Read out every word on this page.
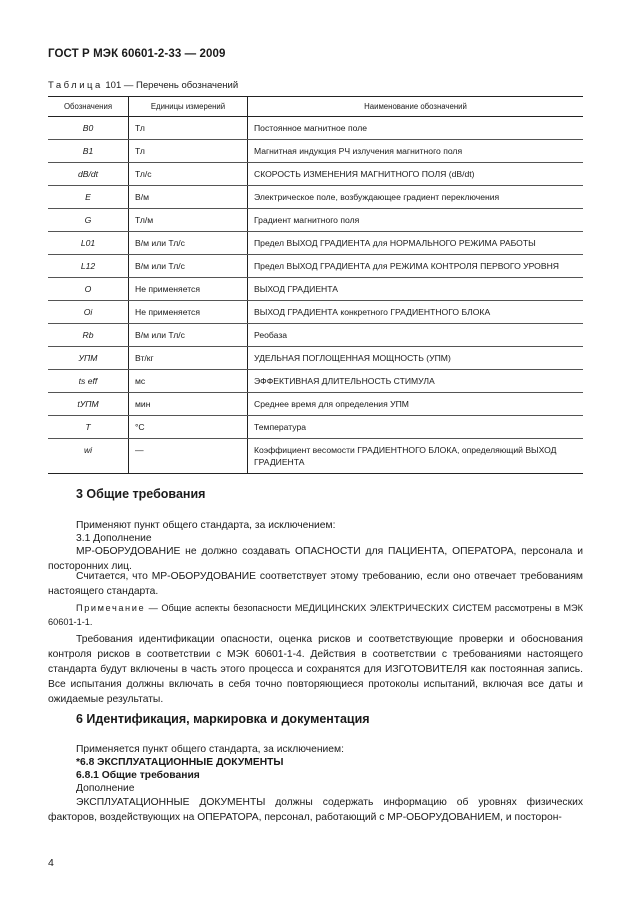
ГОСТ Р МЭК 60601-2-33 — 2009
Таблица 101 — Перечень обозначений
Обозначения	Единицы измерений	Наименование обозначений
B0	Тл	Постоянное магнитное поле
B1	Тл	Магнитная индукция РЧ излучения магнитного поля
dB/dt	Тл/с	СКОРОСТЬ ИЗМЕНЕНИЯ МАГНИТНОГО ПОЛЯ (dB/dt)
E	В/м	Электрическое поле, возбуждающее градиент переключения
G	Тл/м	Градиент магнитного поля
L01	В/м или Тл/с	Предел ВЫХОД ГРАДИЕНТА для НОРМАЛЬНОГО РЕЖИМА РАБОТЫ
L12	В/м или Тл/с	Предел ВЫХОД ГРАДИЕНТА для РЕЖИМА КОНТРОЛЯ ПЕРВОГО УРОВНЯ
O	Не применяется	ВЫХОД ГРАДИЕНТА
Oi	Не применяется	ВЫХОД ГРАДИЕНТА конкретного ГРАДИЕНТНОГО БЛОКА
Rb	В/м или Тл/с	Реобаза
УПМ	Вт/кг	УДЕЛЬНАЯ ПОГЛОЩЕННАЯ МОЩНОСТЬ (УПМ)
ts eff	мс	ЭФФЕКТИВНАЯ ДЛИТЕЛЬНОСТЬ СТИМУЛА
tУПМ	мин	Среднее время для определения УПМ
T	°С	Температура
wi	—	Коэффициент весомости ГРАДИЕНТНОГО БЛОКА, определяющий ВЫХОД ГРАДИЕНТА
3 Общие требования
Применяют пункт общего стандарта, за исключением:
3.1 Дополнение
МР-ОБОРУДОВАНИЕ не должно создавать ОПАСНОСТИ для ПАЦИЕНТА, ОПЕРАТОРА, персонала и посторонних лиц.
Считается, что МР-ОБОРУДОВАНИЕ соответствует этому требованию, если оно отвечает требованиям настоящего стандарта.
Примечание — Общие аспекты безопасности МЕДИЦИНСКИХ ЭЛЕКТРИЧЕСКИХ СИСТЕМ рассмотрены в МЭК 60601-1-1.
Требования идентификации опасности, оценка рисков и соответствующие проверки и обоснования контроля рисков в соответствии с МЭК 60601-1-4. Действия в соответствии с требованиями настоящего стандарта будут включены в часть этого процесса и сохранятся для ИЗГОТОВИТЕЛЯ как постоянная запись. Все испытания должны включать в себя точно повторяющиеся протоколы испытаний, включая все даты и ожидаемые результаты.
6 Идентификация, маркировка и документация
Применяется пункт общего стандарта, за исключением:
*6.8 ЭКСПЛУАТАЦИОННЫЕ ДОКУМЕНТЫ
6.8.1 Общие требования
Дополнение
ЭКСПЛУАТАЦИОННЫЕ ДОКУМЕНТЫ должны содержать информацию об уровнях физических факторов, воздействующих на ОПЕРАТОРА, персонал, работающий с МР-ОБОРУДОВАНИЕМ, и посторон-
4
